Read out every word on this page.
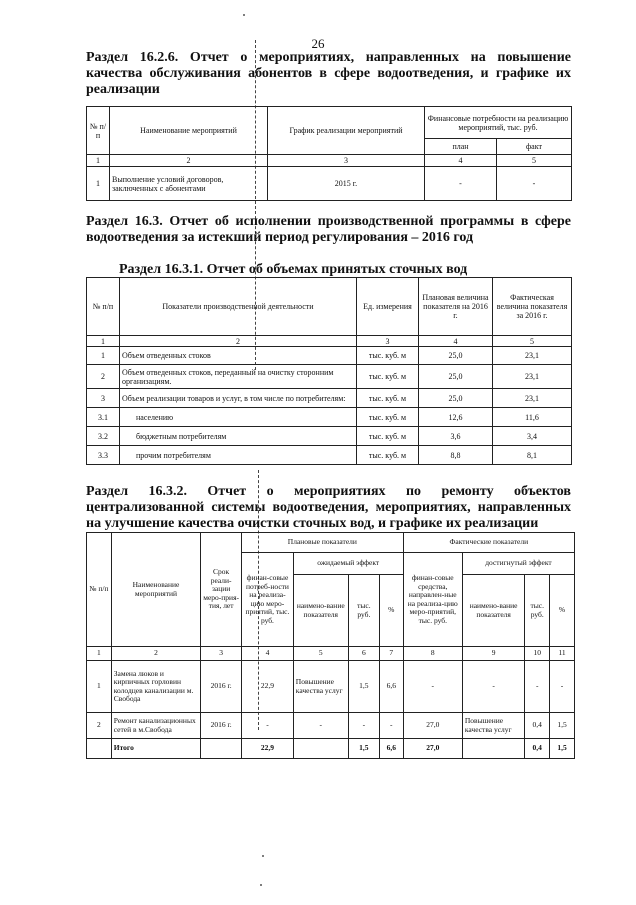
26
Раздел 16.2.6. Отчет о мероприятиях, направленных на повышение качества обслуживания абонентов в сфере водоотведения, и графике их реализации
№ п/п	Наименование мероприятий	График реализации мероприятий	Финансовые потребности на реализацию мероприятий, тыс. руб.	
			план	факт
1	2	3	4	5
1	Выполнение условий договоров, заключенных с абонентами	2015 г.	-	-
Раздел 16.3. Отчет об исполнении производственной программы в сфере водоотведения за истекший период регулирования – 2016 год
Раздел 16.3.1. Отчет об объемах принятых сточных вод
№ п/п	Показатели производственной деятельности	Ед. измерения	Плановая величина показателя на 2016 г.	Фактическая величина показателя за 2016 г.
1	2	3	4	5
1	Объем отведенных стоков	тыс. куб. м	25,0	23,1
2	Объем отведенных стоков, переданный на очистку сторонним организациям.	тыс. куб. м	25,0	23,1
3	Объем реализации товаров и услуг, в том числе по потребителям:	тыс. куб. м	25,0	23,1
3.1	населению	тыс. куб. м	12,6	11,6
3.2	бюджетным потребителям	тыс. куб. м	3,6	3,4
3.3	прочим потребителям	тыс. куб. м	8,8	8,1
Раздел 16.3.2. Отчет о мероприятиях по ремонту объектов централизованной системы водоотведения, мероприятиях, направленных на улучшение качества очистки сточных вод, и графике их реализации
№ п/п	Наименование мероприятий	Срок реали-зации меро-прия-тия, лет	Плановые показатели				Фактические показатели			
			финан-совые потреб-ности на реализа-цию меро-приятий, тыс. руб.	ожидаемый эффект			финан-совые средства, направлен-ные на реализа-цию меро-приятий, тыс. руб.	достигнутый эффект		
				наимено-вание показателя	тыс. руб.	%		наимено-вание показателя	тыс. руб.	%
1	2	3	4	5	6	7	8	9	10	11
1	Замена люков и кирпичных горловин колодцев канализации м. Свобода	2016 г.	22,9	Повышение качества услуг	1,5	6,6	-	-	-	-
2	Ремонт канализационных сетей в м.Свобода	2016 г.	-	-	-	-	27,0	Повышение качества услуг	0,4	1,5
	Итого		22,9		1,5	6,6	27,0		0,4	1,5
